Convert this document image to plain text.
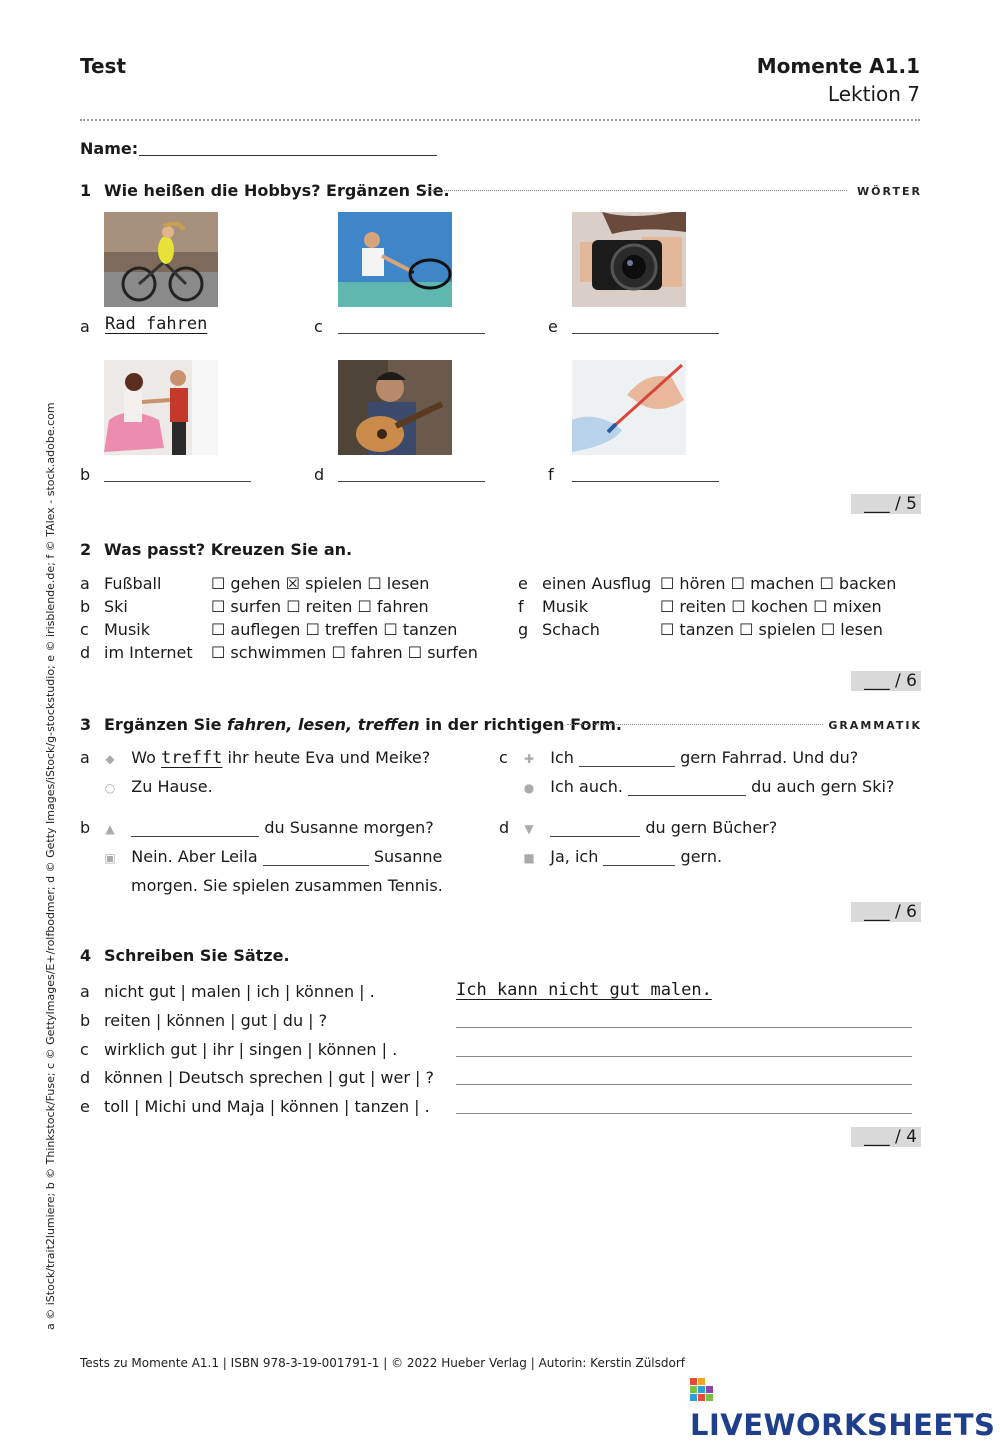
Test	Momente A1.1
Lektion 7
Name:
1 Wie heißen die Hobbys? Ergänzen Sie.	WÖRTER
a Rad fahren	c	e
b	d	f
___ / 5
2 Was passt? Kreuzen Sie an.
a Fußball	☐ gehen ☒ spielen ☐ lesen
b Ski	☐ surfen ☐ reiten ☐ fahren
c Musik	☐ auflegen ☐ treffen ☐ tanzen
d im Internet ☐ schwimmen ☐ fahren ☐ surfen
e einen Ausflug ☐ hören ☐ machen ☐ backen
f Musik	☐ reiten ☐ kochen ☐ mixen
g Schach	☐ tanzen ☐ spielen ☐ lesen
___ / 6
3 Ergänzen Sie fahren, lesen, treffen in der richtigen Form.	GRAMMATIK
a ◆ Wo trefft ihr heute Eva und Meike?
○ Zu Hause.
b ▲	du Susanne morgen?
▣ Nein. Aber Leila	Susanne
morgen. Sie spielen zusammen Tennis.
c ✚ Ich	gern Fahrrad. Und du?
● Ich auch.	du auch gern Ski?
d ▼	du gern Bücher?
■ Ja, ich	gern.
___ / 6
4 Schreiben Sie Sätze.
a nicht gut | malen | ich | können | .	Ich kann nicht gut malen.
b reiten | können | gut | du | ?
c wirklich gut | ihr | singen | können | .
d können | Deutsch sprechen | gut | wer | ?
e toll | Michi und Maja | können | tanzen | .
___ / 4
a © iStock/trait2lumiere; b © Thinkstock/Fuse; c © GettyImages/E+/rolfbodmer; d © Getty Images/iStock/g-stockstudio; e © irisblende.de; f © TAlex - stock.adobe.com
Tests zu Momente A1.1 | ISBN 978-3-19-001791-1 | © 2022 Hueber Verlag | Autorin: Kerstin Zülsdorf
LIVEWORKSHEETS
